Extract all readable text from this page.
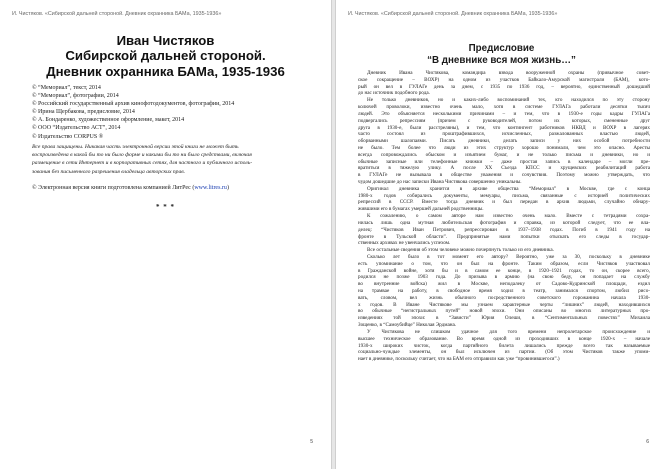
И. Чистяков. «Сибирской дальней стороной. Дневник охранника БАМа, 1935-1936»
Иван Чистяков
Сибирской дальней стороной.
Дневник охранника БАМа, 1935-1936
© “Мемориал”, текст, 2014
© “Мемориал”, фотографии, 2014
© Российский государственный архив кинофотодокументов, фотографии, 2014
© Ирина Щербакова, предисловие, 2014
© А. Бондаренко, художественное оформление, макет, 2014
© ООО “Издательство АСТ”, 2014
© Издательство CORPUS ®
Все права защищены. Никакая часть электронной версии этой книги не может быть
воспроизведена в какой бы то ни было форме и какими бы то ни было средствами, включая
размещение в сети Интернет и в корпоративных сетях, для частного и публичного исполь-
зования без письменного разрешения владельца авторских прав.
© Электронная версия книги подготовлена компанией ЛитРес (www.litres.ru)
* * *
5
И. Чистяков. «Сибирской дальней стороной. Дневник охранника БАМа, 1935-1936»
Предисловие
“В дневнике вся моя жизнь…”
Дневник Ивана Чистякова, командира взвода вооруженной охраны (привычное совет-
ское сокращение – ВОХР) на одном из участков Байкало-Амурской магистрали (БАМ), кото-
рый он вел в ГУЛАГе день за днем, с 1935 по 1936 год, – вероятно, единственный дошедший
до нас источник подобного рода.
Не только дневников, но и каких-либо воспоминаний тех, кто находился по эту сторону
колючей проволоки, известно очень мало, хотя в системе ГУЛАГа работали десятки тысяч
людей. Это объясняется несколькими причинами – и тем, что в 1930-е годы кадры ГУЛАГа
подвергались репрессиям (причем с руководителей, потом их которых, смененные друг
друга в 1930-е, были расстреляны), и тем, что контингент работников НКВД и ВОХР в лагерях
часто состоял из проштрафившихся, исчисленных, разжалованных властью людей,
оборванными шалопаями. Писать дневники, делать записи у них особой потребности
не было. Тем более что люди из этих структур хорошо понимали, чем это опасно. Аресты
всегда сопровождались обыском и изъятием бумаг, и не только письма и дневники, но и
обычные записные или телефонные книжки – даже простая запись в календаре – могли пре-
вратиться в тяжелую улику. А после XX Съезда КПСС и хрущевских реабилитаций работа
в ГУЛАГе не вызывала в обществе уважения и сочувствия. Поэтому можно утверждать, что
чудом дошедшие до нас записки Ивана Чистякова совершенно уникальны.
Оригинал дневника хранится в архиве общества “Мемориал” в Москве, где с конца
1980-х годов собирались документы, мемуары, письма, связанные с историей политических
репрессий в СССР. Вместе тогда дневник и был передан в архив людьми, случайно обнару-
жившими его в бумагах умершей дальней родственницы.
К сожалению, о самом авторе нам известно очень мало. Вместе с тетрадями сохра-
нилась лишь одна мутная любительская фотография и справка, из которой следует, что ее вла-
делец: “Чистяков Иван Петрович, репрессирован в 1937–1938 годах. Погиб в 1941 году на
фронте в Тульской области”. Предпринятые нами попытки отыскать его следы в государ-
ственных архивах не увенчались успехом.
Все остальные сведения об этом человеке можно почерпнуть только из его дневника.
Сколько лет было в тот момент его автору? Вероятно, уже за 30, поскольку в дневнике
есть упоминание о том, что он был на фронте. Таким образом, если Чистяков участвовал
в Гражданской войне, хотя бы и в самом ее конце, в 1920–1921 годах, то он, скорее всего,
родился не позже 1903 года. До призыва в армию (на свою беду, он попадает на службу
во внутренние войска) жил в Москве, неподалеку от Садово-Кудринской площади, ездил
на трамвае на работу, в свободное время ходил в театр, занимался спортом, любил рисо-
вать, словом, вел жизнь обычного посредственного советского горожанина начала 1930-
х годов. В Иване Чистякове мы узнаем характерные черты “лишних” людей, находившихся
во обычные “негистральных путей” новой эпохи. Они описаны во многих литературных про-
изведениях той эпохи: в “Зависти” Юрия Олеши, в “Сентиментальных повестях” Михаила
Зощенко, в “Самоубийце” Николая Эрдмана.
У Чистякова не слишком удачное для того времени непролетарское происхождение и
высшее техническое образование. Во время одной из проходивших в конце 1920-х – начале
1930-х широких чисток, когда партийного билета лишались прежде всего так называемые
социально-чуждые элементы, он был исключен из партии. (Об этом Чистяков также упоми-
нает в дневнике, поскольку считает, что на БАМ его отправили как уже “провинившегося”.)
6
